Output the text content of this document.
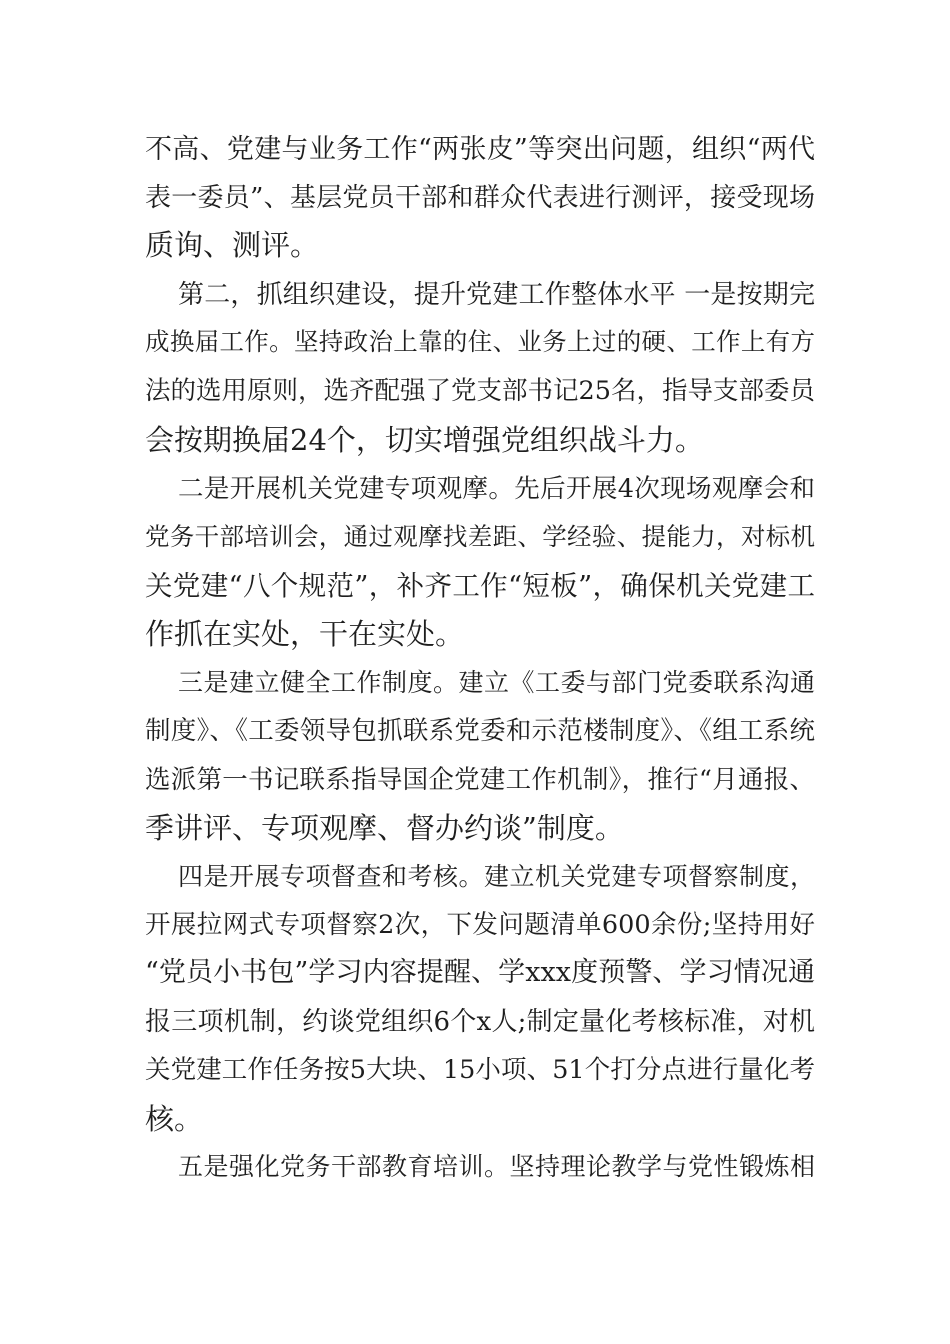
不高、党建与业务工作“两张皮”等突出问题，组织“两代
表一委员”、基层党员干部和群众代表进行测评，接受现场
质询、测评。
第二，抓组织建设，提升党建工作整体水平 一是按期完
成换届工作。坚持政治上靠的住、业务上过的硬、工作上有方
法的选用原则，选齐配强了党支部书记25名，指导支部委员
会按期换届24个，切实增强党组织战斗力。
二是开展机关党建专项观摩。先后开展4次现场观摩会和
党务干部培训会，通过观摩找差距、学经验、提能力，对标机
关党建“八个规范”，补齐工作“短板”，确保机关党建工
作抓在实处，干在实处。
三是建立健全工作制度。建立《工委与部门党委联系沟通
制度》、《工委领导包抓联系党委和示范楼制度》、《组工系统
选派第一书记联系指导国企党建工作机制》，推行“月通报、
季讲评、专项观摩、督办约谈”制度。
四是开展专项督查和考核。建立机关党建专项督察制度，
开展拉网式专项督察2次，下发问题清单600余份;坚持用好
“党员小书包”学习内容提醒、学xxx度预警、学习情况通
报三项机制，约谈党组织6个x人;制定量化考核标准，对机
关党建工作任务按5大块、15小项、51个打分点进行量化考
核。
五是强化党务干部教育培训。坚持理论教学与党性锻炼相
